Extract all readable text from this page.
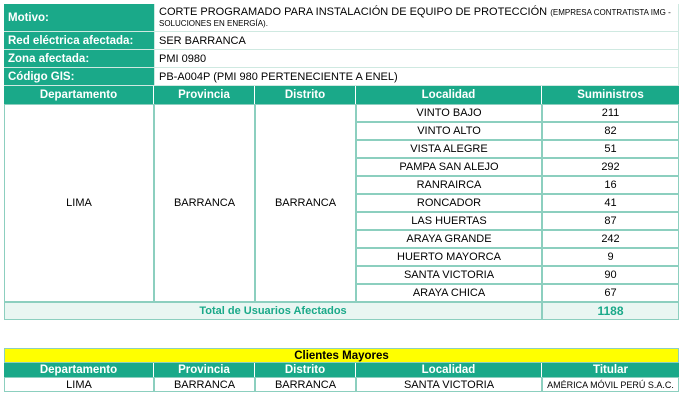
Motivo:	CORTE PROGRAMADO PARA INSTALACIÓN DE EQUIPO DE PROTECCIÓN (EMPRESA CONTRATISTA IMG - SOLUCIONES EN ENERGÍA).
Red eléctrica afectada:	SER BARRANCA
Zona afectada:	PMI 0980
Código GIS:	PB-A004P (PMI 980 PERTENECIENTE A ENEL)
Departamento	Provincia	Distrito	Localidad	Suministros
LIMA	BARRANCA	BARRANCA	VINTO BAJO	211
			VINTO ALTO	82
			VISTA ALEGRE	51
			PAMPA SAN ALEJO	292
			RANRAIRCA	16
			RONCADOR	41
			LAS HUERTAS	87
			ARAYA GRANDE	242
			HUERTO MAYORCA	9
			SANTA VICTORIA	90
			ARAYA CHICA	67
Total de Usuarios Afectados				1188
Clientes Mayores				
Departamento	Provincia	Distrito	Localidad	Titular
LIMA	BARRANCA	BARRANCA	SANTA VICTORIA	AMÉRICA MÓVIL PERÚ S.A.C.
